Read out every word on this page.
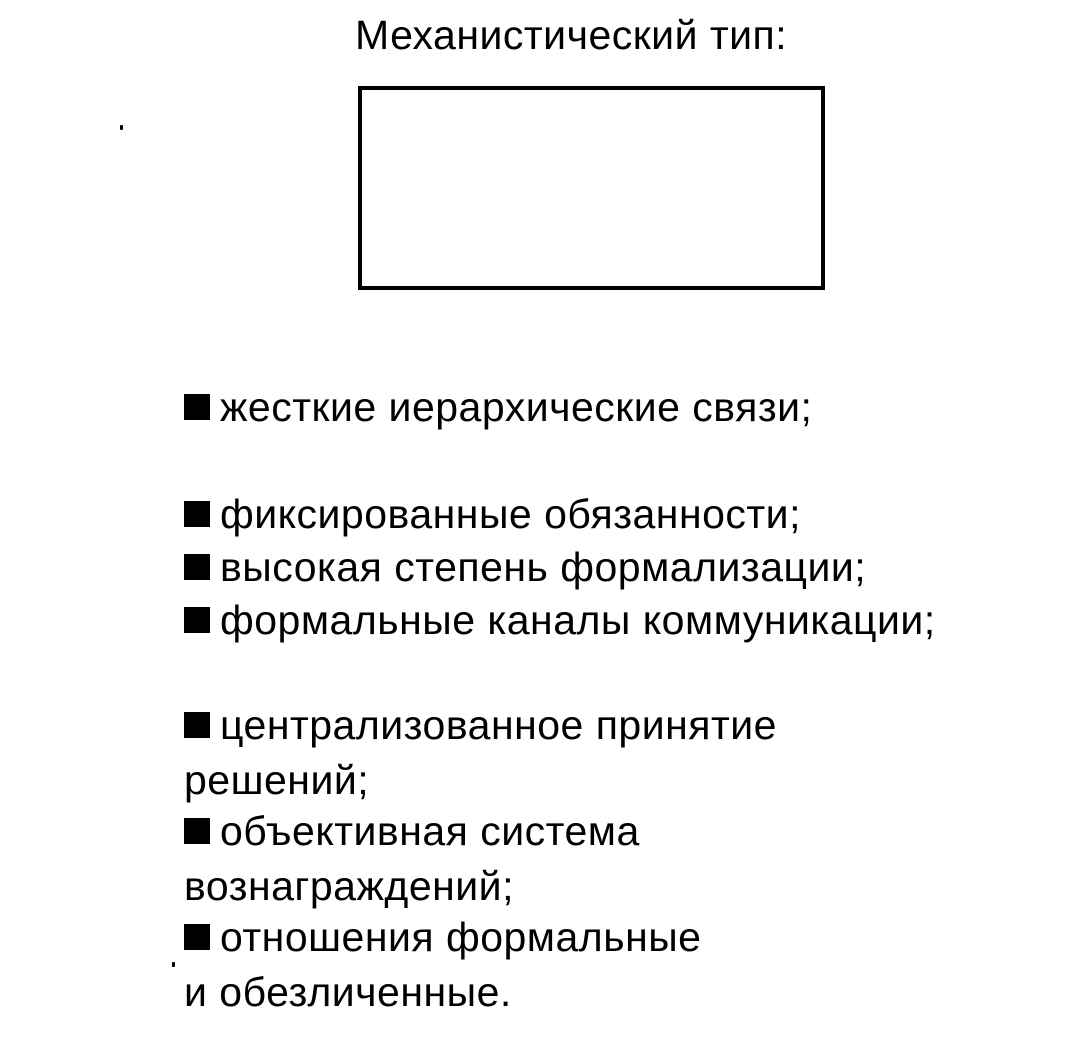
Механистический тип:
жесткие иерархические связи;
фиксированные обязанности;
высокая степень формализации;
формальные каналы коммуникации;
централизованное принятие
решений;
объективная система
вознаграждений;
отношения формальные
и обезличенные.
